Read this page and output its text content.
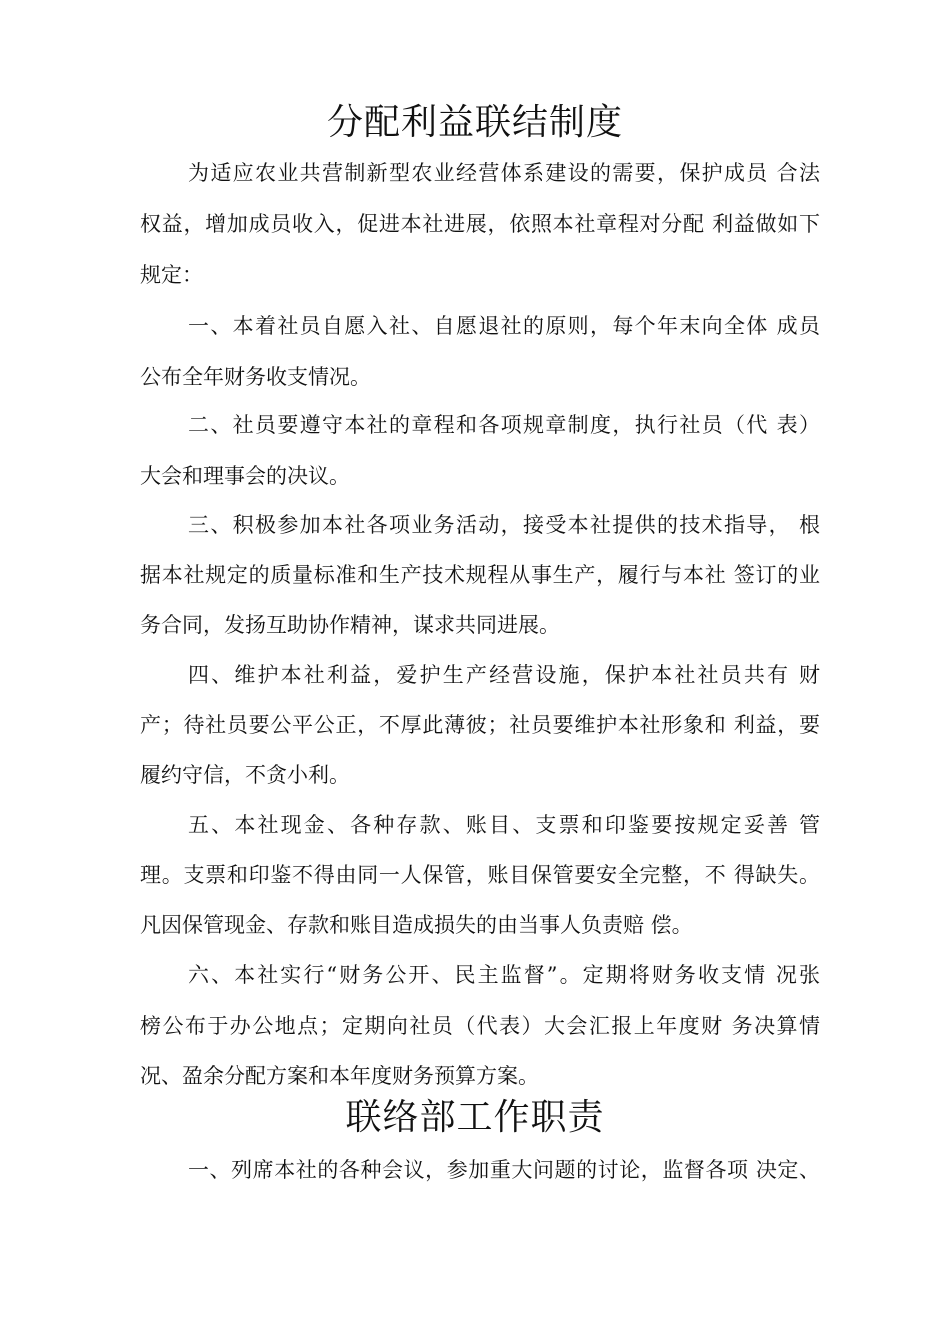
分配利益联结制度

为适应农业共营制新型农业经营体系建设的需要，保护成员 合法

权益，增加成员收入，促进本社进展，依照本社章程对分配 利益做如下

规定：

一、本着社员自愿入社、自愿退社的原则，每个年末向全体 成员

公布全年财务收支情况。

二、社员要遵守本社的章程和各项规章制度，执行社员（代 表）

大会和理事会的决议。

三、积极参加本社各项业务活动，接受本社提供的技术指导， 根

据本社规定的质量标准和生产技术规程从事生产，履行与本社 签订的业

务合同，发扬互助协作精神，谋求共同进展。

四、维护本社利益，爱护生产经营设施，保护本社社员共有 财

产；待社员要公平公正，不厚此薄彼；社员要维护本社形象和 利益，要

履约守信，不贪小利。

五、本社现金、各种存款、账目、支票和印鉴要按规定妥善 管

理。支票和印鉴不得由同一人保管，账目保管要安全完整，不 得缺失。

凡因保管现金、存款和账目造成损失的由当事人负责赔 偿。

六、本社实行“财务公开、民主监督”。定期将财务收支情 况张

榜公布于办公地点；定期向社员（代表）大会汇报上年度财 务决算情

况、盈余分配方案和本年度财务预算方案。

联络部工作职责

一、列席本社的各种会议，参加重大问题的讨论，监督各项 决定、
